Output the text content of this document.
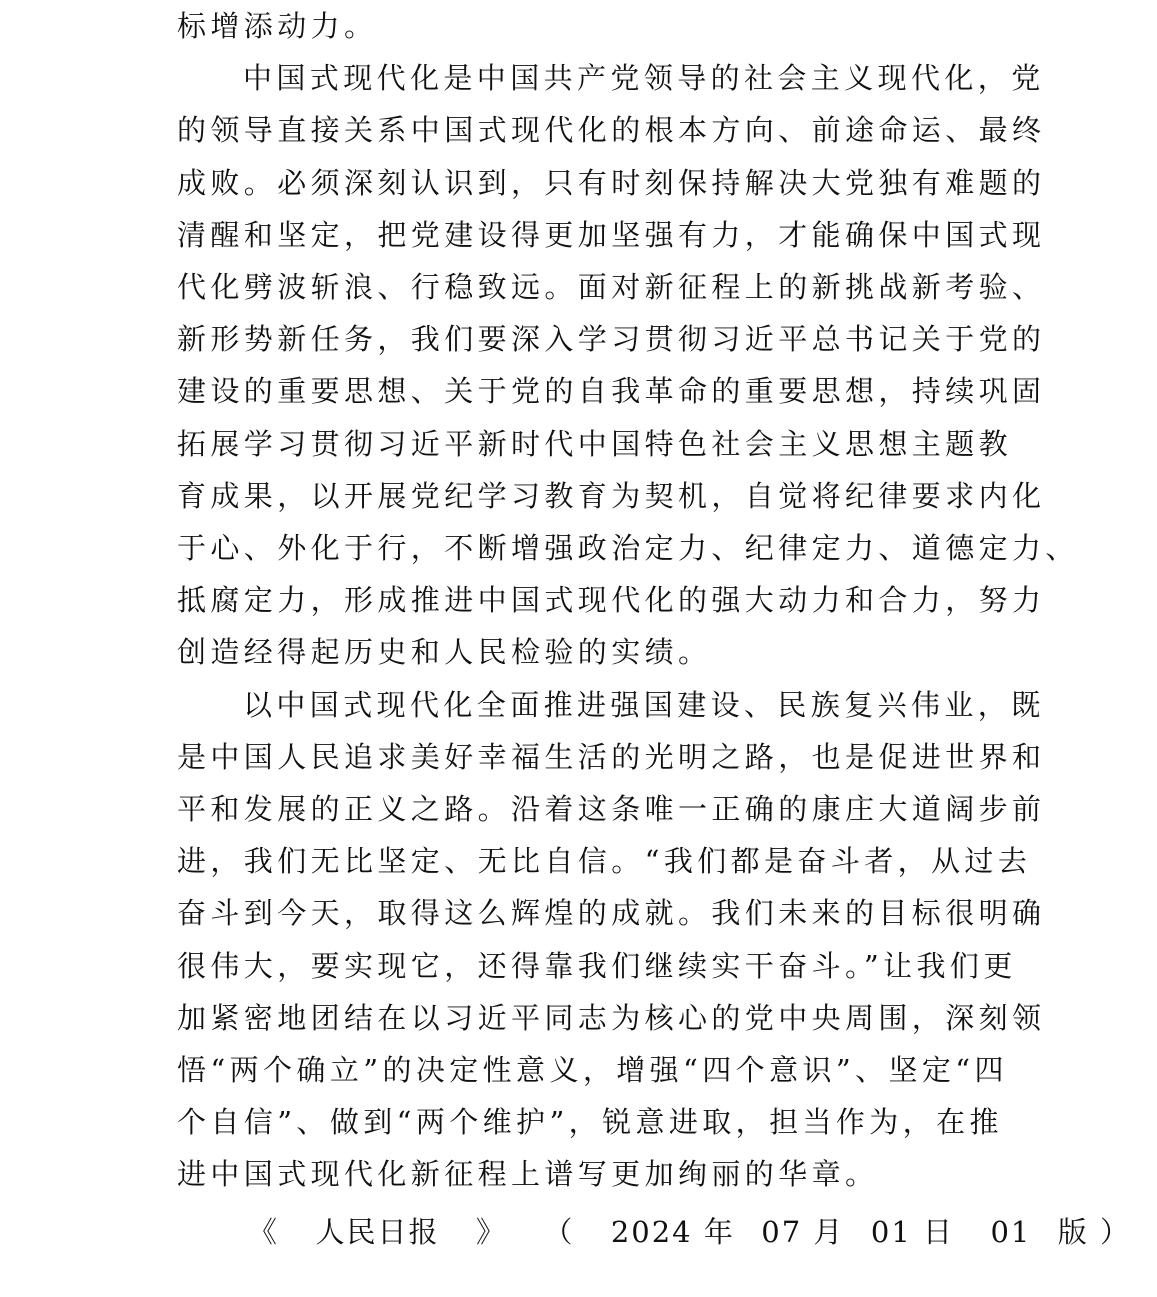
标增添动力。
中国式现代化是中国共产党领导的社会主义现代化，党
的领导直接关系中国式现代化的根本方向、前途命运、最终
成败。必须深刻认识到，只有时刻保持解决大党独有难题的
清醒和坚定，把党建设得更加坚强有力，才能确保中国式现
代化劈波斩浪、行稳致远。面对新征程上的新挑战新考验、
新形势新任务，我们要深入学习贯彻习近平总书记关于党的
建设的重要思想、关于党的自我革命的重要思想，持续巩固
拓展学习贯彻习近平新时代中国特色社会主义思想主题教
育成果，以开展党纪学习教育为契机，自觉将纪律要求内化
于心、外化于行，不断增强政治定力、纪律定力、道德定力、
抵腐定力，形成推进中国式现代化的强大动力和合力，努力
创造经得起历史和人民检验的实绩。
以中国式现代化全面推进强国建设、民族复兴伟业，既
是中国人民追求美好幸福生活的光明之路，也是促进世界和
平和发展的正义之路。沿着这条唯一正确的康庄大道阔步前
进，我们无比坚定、无比自信。“我们都是奋斗者，从过去
奋斗到今天，取得这么辉煌的成就。我们未来的目标很明确
很伟大，要实现它，还得靠我们继续实干奋斗。”让我们更
加紧密地团结在以习近平同志为核心的党中央周围，深刻领
悟“两个确立”的决定性意义，增强“四个意识”、坚定“四
个自信”、做到“两个维护”，锐意进取，担当作为，在推
进中国式现代化新征程上谱写更加绚丽的华章。
《 人民日报 》 （ 2024 年 07 月 01 日 01 版 ）
